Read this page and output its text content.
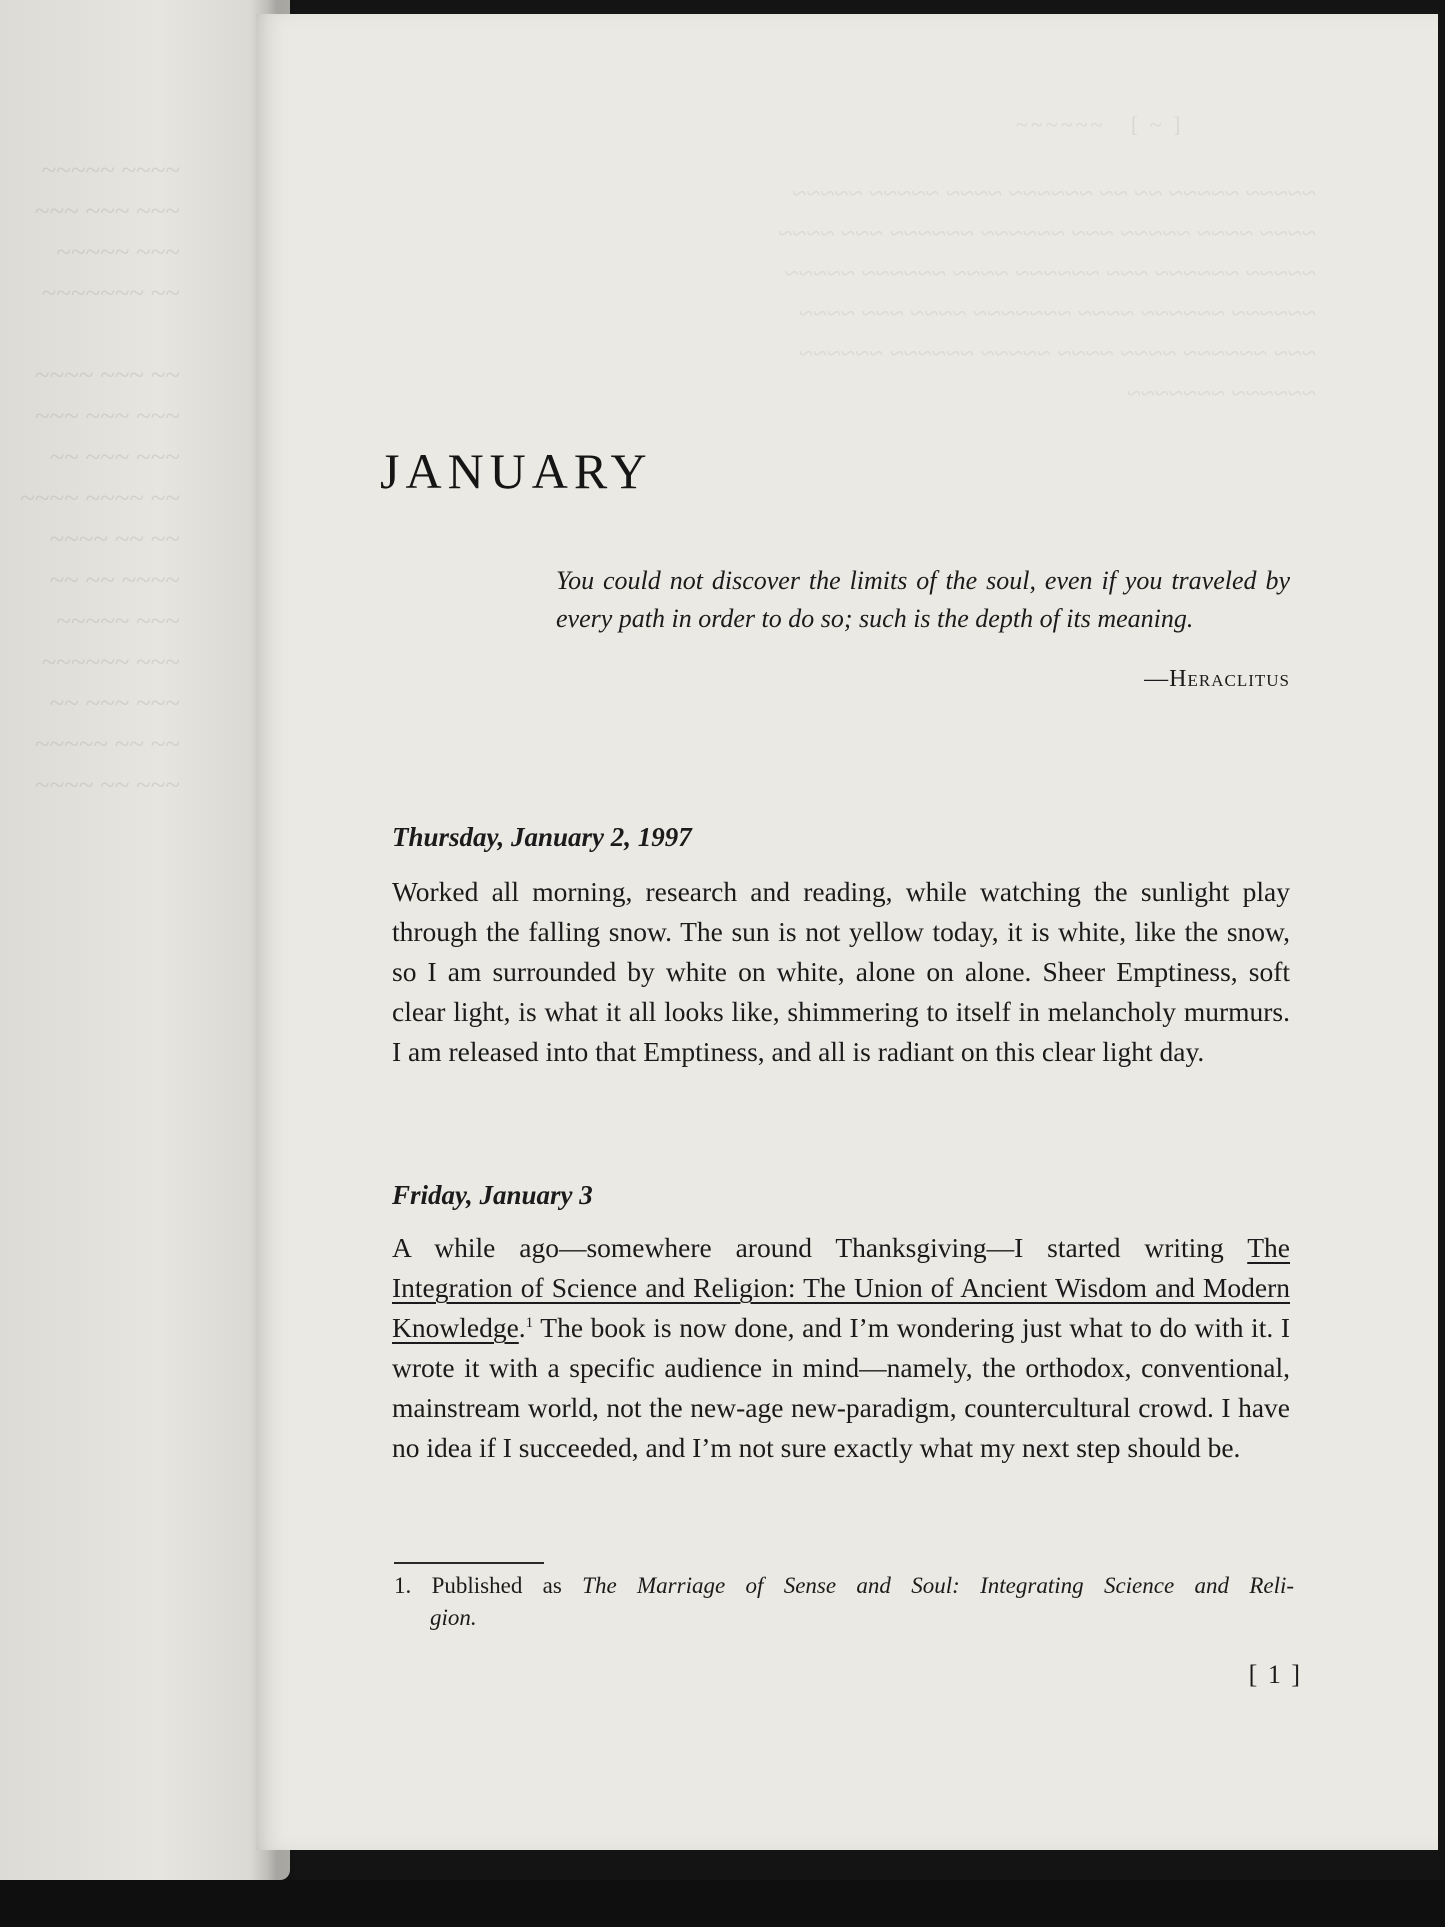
~~~~~ ~~~~
~~~ ~~~ ~~~
~~~~~ ~~~
~~~~~~~ ~~

~~~~ ~~~ ~~
~~~ ~~~ ~~~
~~ ~~~ ~~~
~~~~ ~~~~ ~~
~~~~ ~~ ~~
~~ ~~ ~~~~
~~~~~ ~~~
~~~~~~ ~~~
~~ ~~~ ~~~
~~~~~ ~~ ~~
~~~~ ~~ ~~~
~~~~~~   [ ~ ]
~~~~~ ~~~~~ ~~ ~~ ~~~~~~ ~~~~ ~~~~~ ~~~~~
~~~~ ~~~~ ~~~~~ ~~~ ~~~~~~ ~~~~~~ ~~~ ~~~~
~~~~~ ~~~~~~ ~~~ ~~~~~~ ~~~~ ~~~~~~ ~~~~~
~~~~~~ ~~~~~~ ~~~~ ~~~~~~~ ~~~~ ~~~ ~~~~
~~~ ~~~~~~ ~~~~ ~~~~ ~~~~~ ~~~~~~ ~~~~~~
~~~~~~ ~~~~~~~
JANUARY
You could not discover the limits of the soul, even if you traveled by every path in order to do so; such is the depth of its meaning.
—Heraclitus
Thursday, January 2, 1997
Worked all morning, research and reading, while watching the sunlight play through the falling snow. The sun is not yellow today, it is white, like the snow, so I am surrounded by white on white, alone on alone. Sheer Emptiness, soft clear light, is what it all looks like, shimmering to itself in melancholy murmurs. I am released into that Emptiness, and all is radiant on this clear light day.
Friday, January 3
A while ago—somewhere around Thanksgiving—I started writing The Integration of Science and Religion: The Union of Ancient Wisdom and Modern Knowledge.$^1$ The book is now done, and I’m wondering just what to do with it. I wrote it with a specific audience in mind—namely, the orthodox, conventional, mainstream world, not the new-age new-paradigm, countercultural crowd. I have no idea if I succeeded, and I’m not sure exactly what my next step should be.
1. Published as The Marriage of Sense and Soul: Integrating Science and Reli-
gion.
[ 1 ]
